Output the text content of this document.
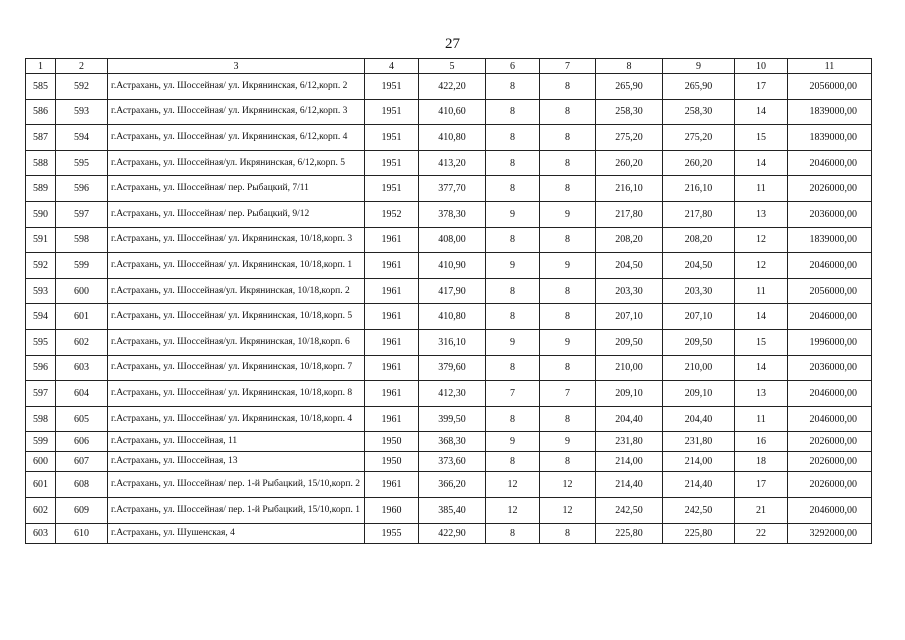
27
1	2	3	4	5	6	7	8	9	10	11
585	592	г.Астрахань, ул. Шоссейная/ ул. Икрянинская, 6/12,корп. 2	1951	422,20	8	8	265,90	265,90	17	2056000,00
586	593	г.Астрахань, ул. Шоссейная/ ул. Икрянинская, 6/12,корп. 3	1951	410,60	8	8	258,30	258,30	14	1839000,00
587	594	г.Астрахань, ул. Шоссейная/ ул. Икрянинская, 6/12,корп. 4	1951	410,80	8	8	275,20	275,20	15	1839000,00
588	595	г.Астрахань, ул. Шоссейная/ул. Икрянинская, 6/12,корп. 5	1951	413,20	8	8	260,20	260,20	14	2046000,00
589	596	г.Астрахань, ул. Шоссейная/ пер. Рыбацкий, 7/11	1951	377,70	8	8	216,10	216,10	11	2026000,00
590	597	г.Астрахань, ул. Шоссейная/ пер. Рыбацкий, 9/12	1952	378,30	9	9	217,80	217,80	13	2036000,00
591	598	г.Астрахань, ул. Шоссейная/ ул. Икрянинская, 10/18,корп. 3	1961	408,00	8	8	208,20	208,20	12	1839000,00
592	599	г.Астрахань, ул. Шоссейная/ ул. Икрянинская, 10/18,корп. 1	1961	410,90	9	9	204,50	204,50	12	2046000,00
593	600	г.Астрахань, ул. Шоссейная/ул. Икрянинская, 10/18,корп. 2	1961	417,90	8	8	203,30	203,30	11	2056000,00
594	601	г.Астрахань, ул. Шоссейная/ ул. Икрянинская, 10/18,корп. 5	1961	410,80	8	8	207,10	207,10	14	2046000,00
595	602	г.Астрахань, ул. Шоссейная/ул. Икрянинская, 10/18,корп. 6	1961	316,10	9	9	209,50	209,50	15	1996000,00
596	603	г.Астрахань, ул. Шоссейная/ ул. Икрянинская, 10/18,корп. 7	1961	379,60	8	8	210,00	210,00	14	2036000,00
597	604	г.Астрахань, ул. Шоссейная/ ул. Икрянинская, 10/18,корп. 8	1961	412,30	7	7	209,10	209,10	13	2046000,00
598	605	г.Астрахань, ул. Шоссейная/ ул. Икрянинская, 10/18,корп. 4	1961	399,50	8	8	204,40	204,40	11	2046000,00
599	606	г.Астрахань, ул. Шоссейная, 11	1950	368,30	9	9	231,80	231,80	16	2026000,00
600	607	г.Астрахань, ул. Шоссейная, 13	1950	373,60	8	8	214,00	214,00	18	2026000,00
601	608	г.Астрахань, ул. Шоссейная/ пер. 1-й Рыбацкий, 15/10,корп. 2	1961	366,20	12	12	214,40	214,40	17	2026000,00
602	609	г.Астрахань, ул. Шоссейная/ пер. 1-й Рыбацкий, 15/10,корп. 1	1960	385,40	12	12	242,50	242,50	21	2046000,00
603	610	г.Астрахань, ул. Шушенская, 4	1955	422,90	8	8	225,80	225,80	22	3292000,00
